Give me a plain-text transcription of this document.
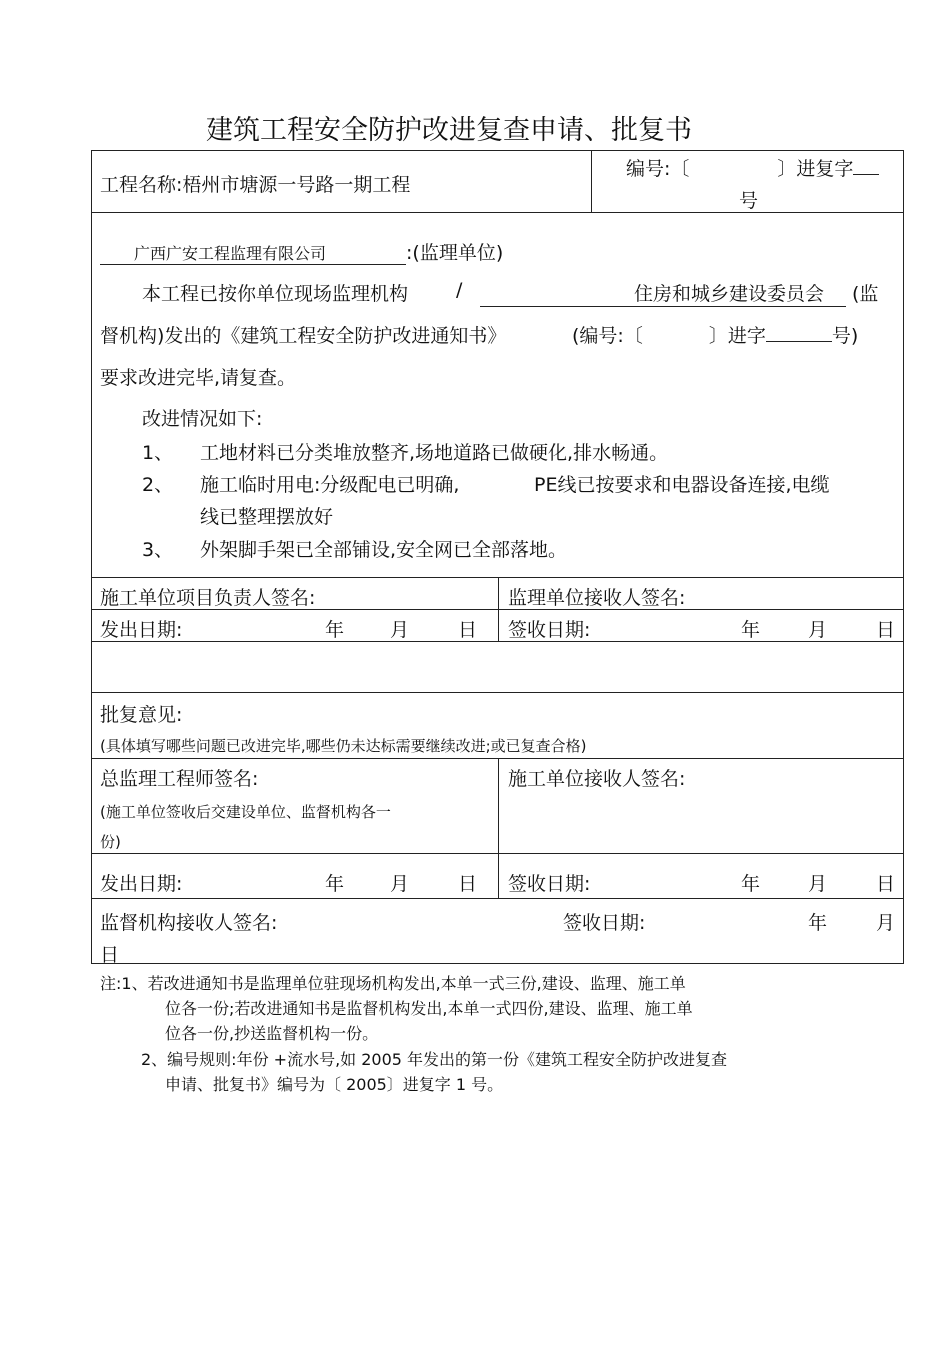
建筑工程安全防护改进复查申请、批复书
工程名称:梧州市塘源一号路一期工程
编号:〔	〕进复字
号
广西广安工程监理有限公司	:(监理单位)
本工程已按你单位现场监理机构	/	住房和城乡建设委员会	(监
督机构)发出的《建筑工程安全防护改进通知书》	(编号:〔	〕进字	号)
要求改进完毕,请复查。
改进情况如下:
1、 工地材料已分类堆放整齐,场地道路已做硬化,排水畅通。
2、 施工临时用电:分级配电已明确,	PE线已按要求和电器设备连接,电缆
线已整理摆放好
3、 外架脚手架已全部铺设,安全网已全部落地。
施工单位项目负责人签名:	监理单位接收人签名:
发出日期:	年 月	日 签收日期:	年	月	日
批复意见:
(具体填写哪些问题已改进完毕,哪些仍未达标需要继续改进;或已复查合格)
总监理工程师签名:
(施工单位签收后交建设单位、监督机构各一
份)
施工单位接收人签名:
发出日期:	年 月	日 签收日期:	年	月	日
监督机构接收人签名:	签收日期:	年	月
日
注:1、若改进通知书是监理单位驻现场机构发出,本单一式三份,建设、监理、施工单
位各一份;若改进通知书是监督机构发出,本单一式四份,建设、监理、施工单
位各一份,抄送监督机构一份。
2、编号规则:年份 +流水号,如 2005 年发出的第一份《建筑工程安全防护改进复查
申请、批复书》编号为〔 2005〕进复字 1 号。
